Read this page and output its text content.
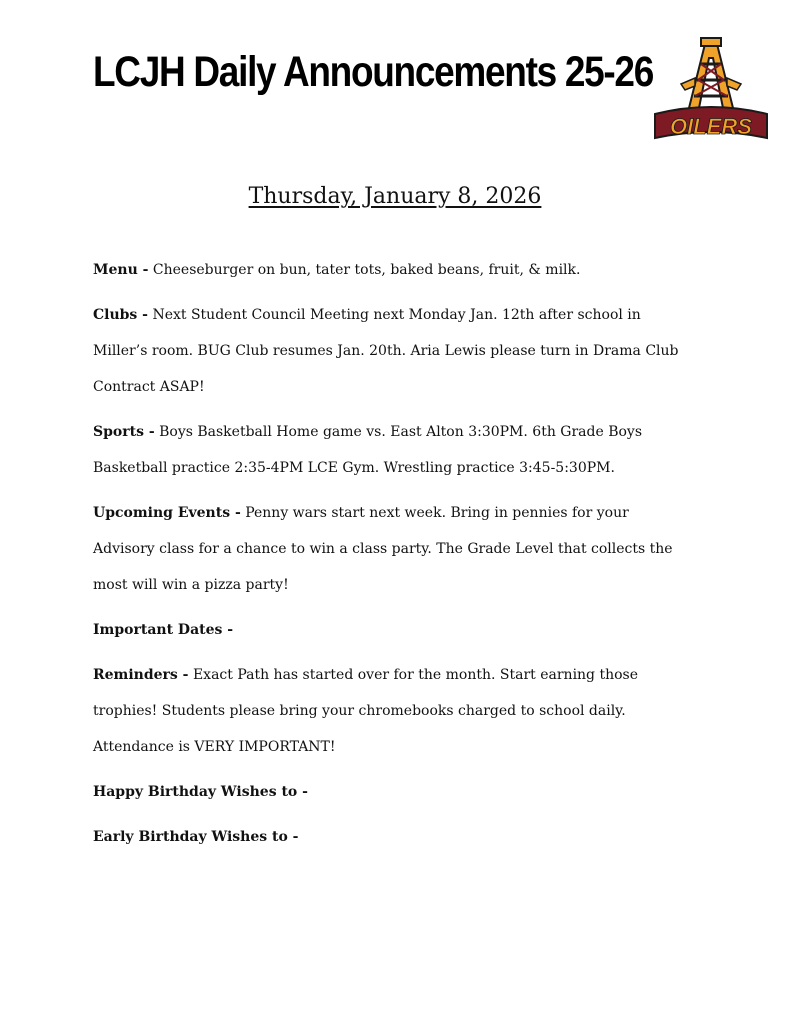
LCJH Daily Announcements 25-26
OILERS
Thursday, January 8, 2026

Menu - Cheeseburger on bun, tater tots, baked beans, fruit, & milk.

Clubs - Next Student Council Meeting next Monday Jan. 12th after school in Miller’s room. BUG Club resumes Jan. 20th. Aria Lewis please turn in Drama Club Contract ASAP!

Sports - Boys Basketball Home game vs. East Alton 3:30PM. 6th Grade Boys Basketball practice 2:35-4PM LCE Gym. Wrestling practice 3:45-5:30PM.

Upcoming Events - Penny wars start next week. Bring in pennies for your Advisory class for a chance to win a class party. The Grade Level that collects the most will win a pizza party!

Important Dates -

Reminders - Exact Path has started over for the month. Start earning those trophies! Students please bring your chromebooks charged to school daily. Attendance is VERY IMPORTANT!

Happy Birthday Wishes to -

Early Birthday Wishes to -
